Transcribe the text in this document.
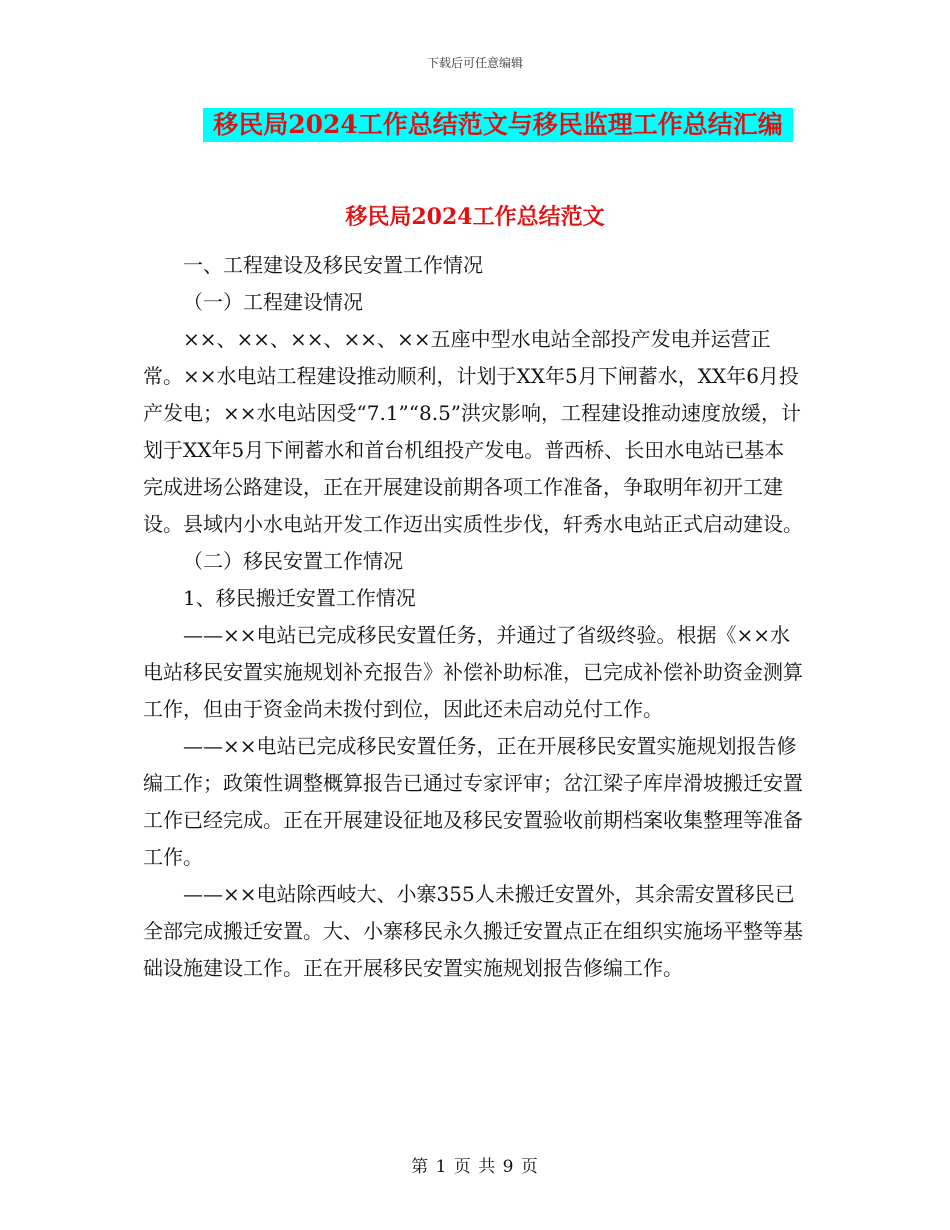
下载后可任意编辑
移民局2024工作总结范文与移民监理工作总结汇编
移民局2024工作总结范文

一、工程建设及移民安置工作情况

（一）工程建设情况

××、××、××、××、××五座中型水电站全部投产发电并运营正常。××水电站工程建设推动顺利，计划于XX年5月下闸蓄水，XX年6月投产发电；××水电站因受“7.1”“8.5”洪灾影响，工程建设推动速度放缓，计划于XX年5月下闸蓄水和首台机组投产发电。普西桥、长田水电站已基本完成进场公路建设，正在开展建设前期各项工作准备，争取明年初开工建设。县域内小水电站开发工作迈出实质性步伐，轩秀水电站正式启动建设。

（二）移民安置工作情况

1、移民搬迁安置工作情况

——××电站已完成移民安置任务，并通过了省级终验。根据《××水电站移民安置实施规划补充报告》补偿补助标准，已完成补偿补助资金测算工作，但由于资金尚未拨付到位，因此还未启动兑付工作。

——××电站已完成移民安置任务，正在开展移民安置实施规划报告修编工作；政策性调整概算报告已通过专家评审；岔江梁子库岸滑坡搬迁安置工作已经完成。正在开展建设征地及移民安置验收前期档案收集整理等准备工作。

——××电站除西岐大、小寨355人未搬迁安置外，其余需安置移民已全部完成搬迁安置。大、小寨移民永久搬迁安置点正在组织实施场平整等基础设施建设工作。正在开展移民安置实施规划报告修编工作。

第 1 页 共 9 页
